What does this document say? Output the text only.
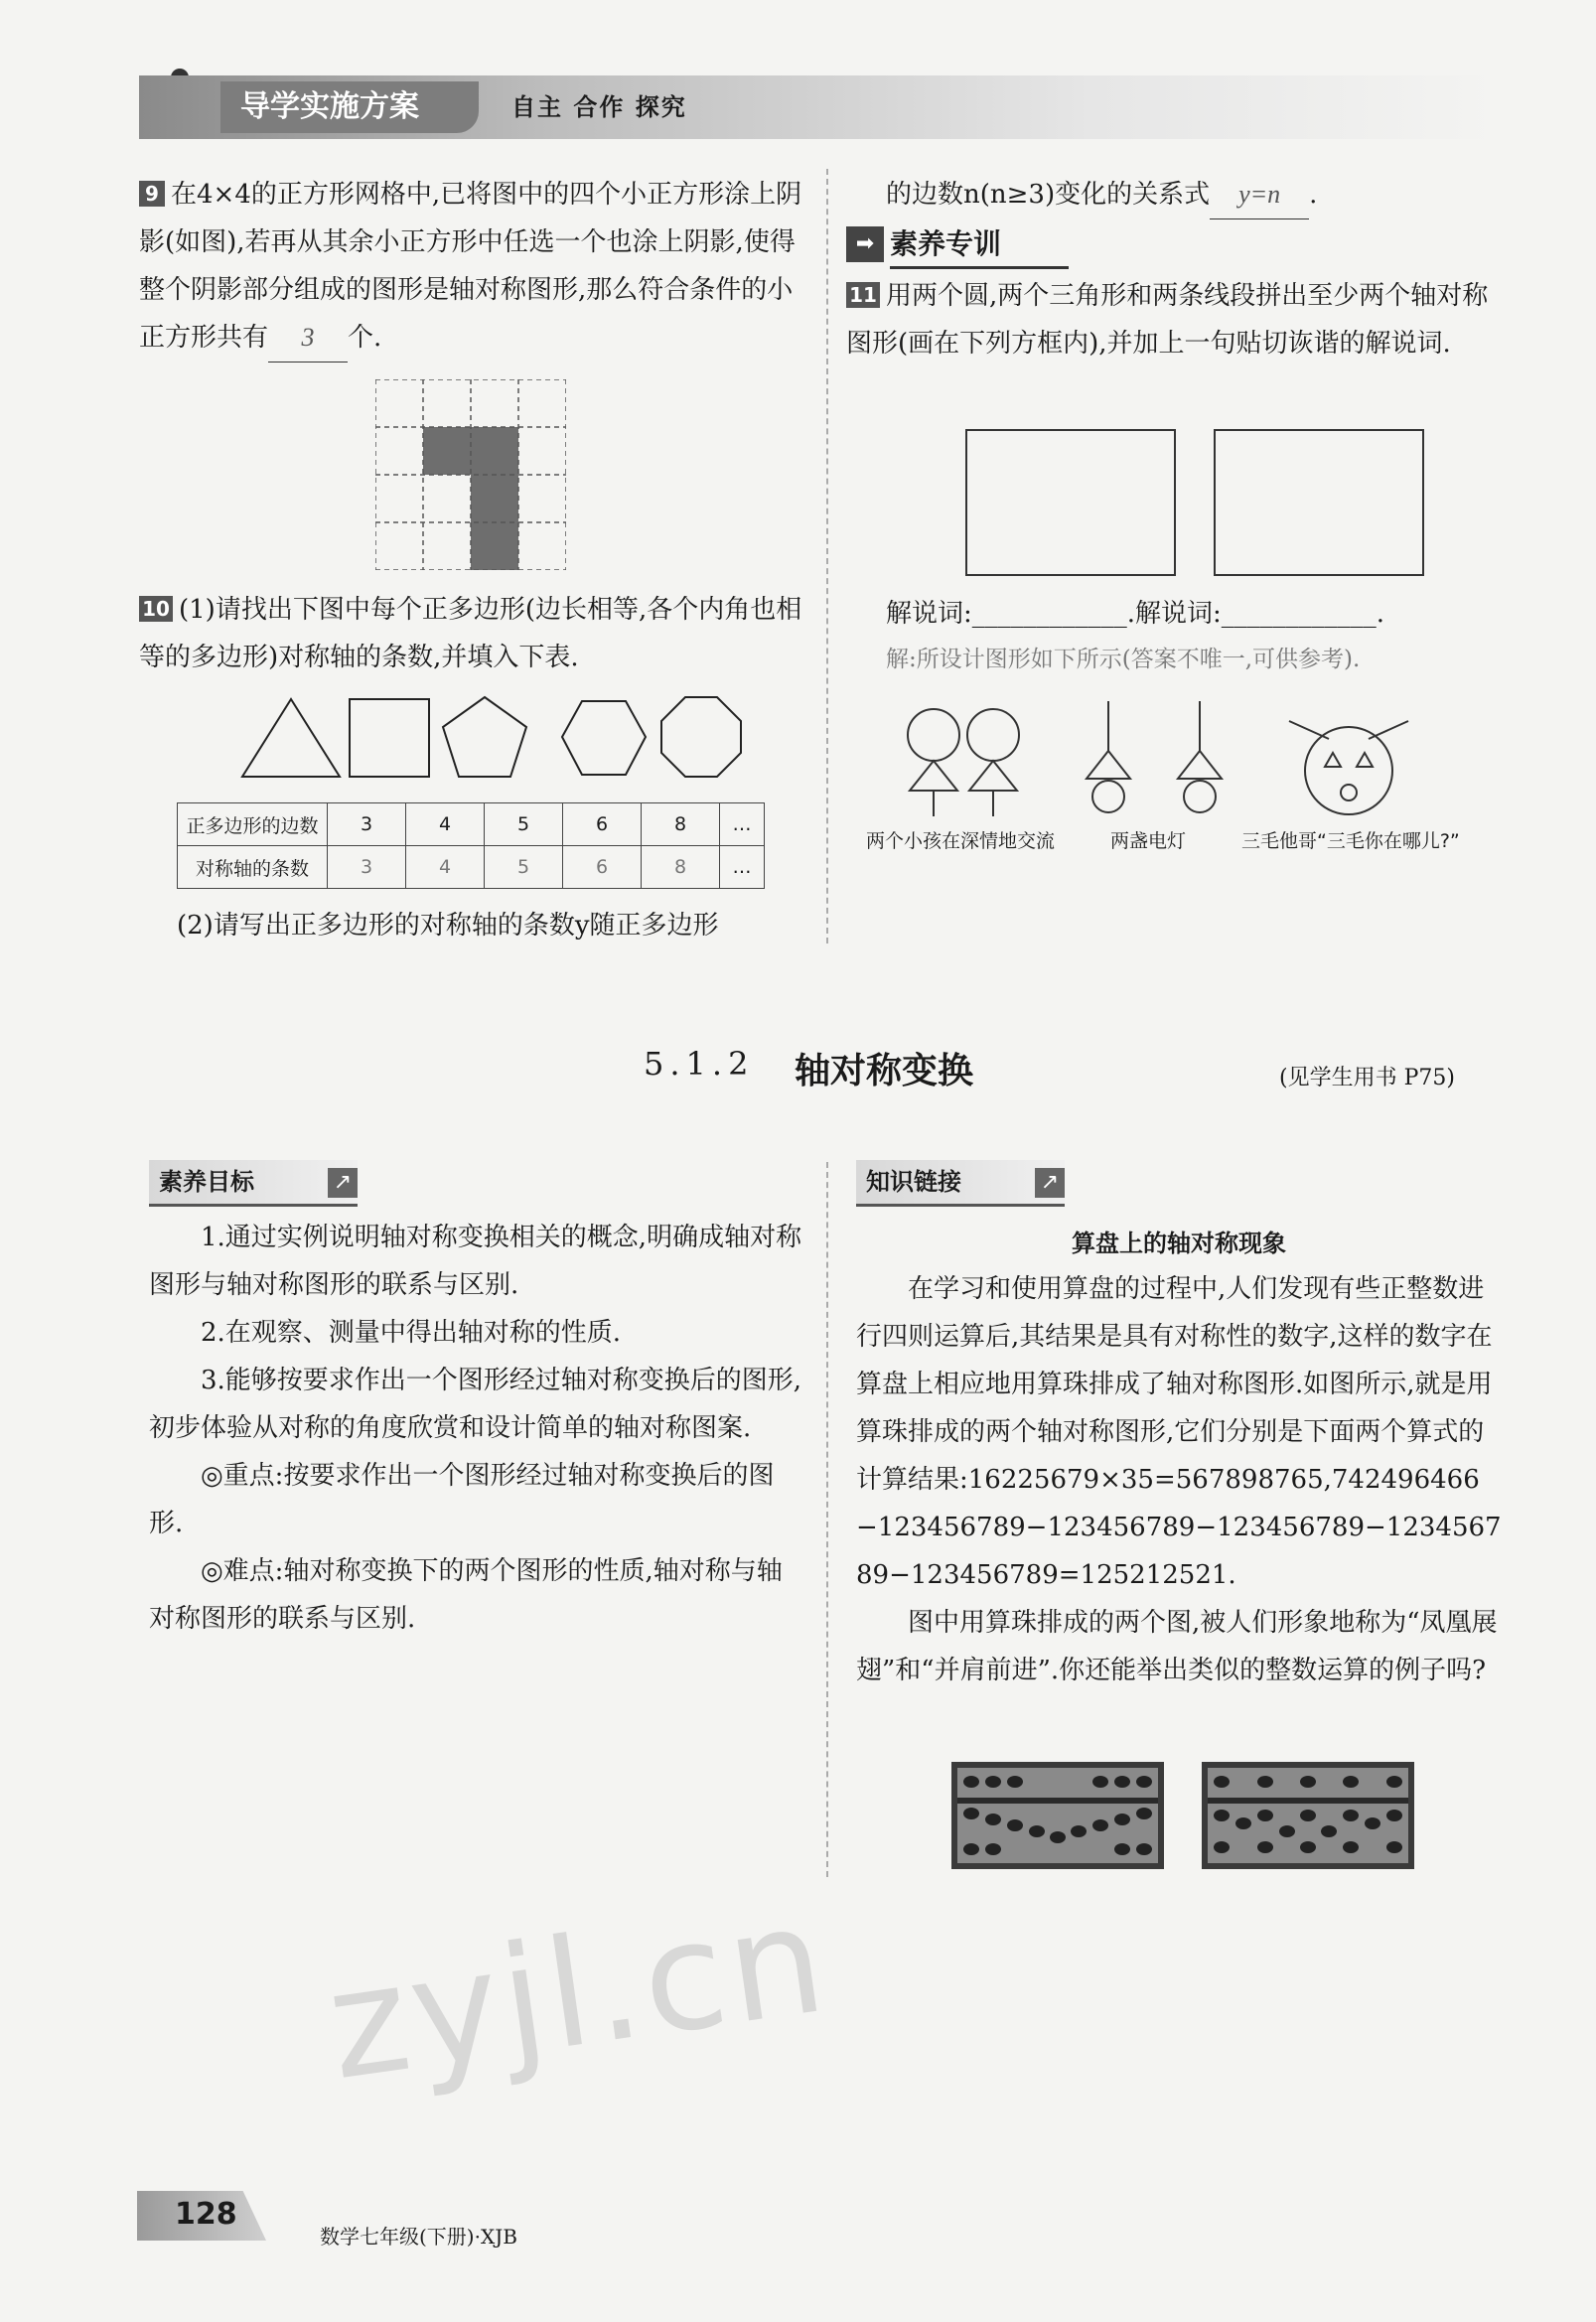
导学实施方案	自主 合作 探究

9 在4×4的正方形网格中,已将图中的四个小正方形涂上阴影(如图),若再从其余小正方形中任选一个也涂上阴影,使得整个阴影部分组成的图形是轴对称图形,那么符合条件的小正方形共有 3 个.

10 (1)请找出下图中每个正多边形(边长相等,各个内角也相等的多边形)对称轴的条数,并填入下表.

正多边形的边数	3	4	5	6	8	…
对称轴的条数	3	4	5	6	8	…

(2)请写出正多边形的对称轴的条数y随正多边形

的边数n(n≥3)变化的关系式 y=n .

➡ 素养专训

11 用两个圆,两个三角形和两条线段拼出至少两个轴对称图形(画在下列方框内),并加上一句贴切诙谐的解说词.

解说词:____________.解说词:____________.

解:所设计图形如下所示(答案不唯一,可供参考).

两个小孩在深情地交流	两盏电灯	三毛他哥“三毛你在哪儿?”
5.1.2 轴对称变换	(见学生用书 P75)
素养目标	↗

1.通过实例说明轴对称变换相关的概念,明确成轴对称图形与轴对称图形的联系与区别.

2.在观察、测量中得出轴对称的性质.

3.能够按要求作出一个图形经过轴对称变换后的图形,初步体验从对称的角度欣赏和设计简单的轴对称图案.

◎重点:按要求作出一个图形经过轴对称变换后的图形.

◎难点:轴对称变换下的两个图形的性质,轴对称与轴对称图形的联系与区别.

知识链接	↗
算盘上的轴对称现象

在学习和使用算盘的过程中,人们发现有些正整数进行四则运算后,其结果是具有对称性的数字,这样的数字在算盘上相应地用算珠排成了轴对称图形.如图所示,就是用算珠排成的两个轴对称图形,它们分别是下面两个算式的计算结果:16225679×35=567898765,742496466−123456789−123456789−123456789−123456789−123456789=125212521.

图中用算珠排成的两个图,被人们形象地称为“凤凰展翅”和“并肩前进”.你还能举出类似的整数运算的例子吗?

zyjl.cn
128
数学七年级(下册)·XJB
